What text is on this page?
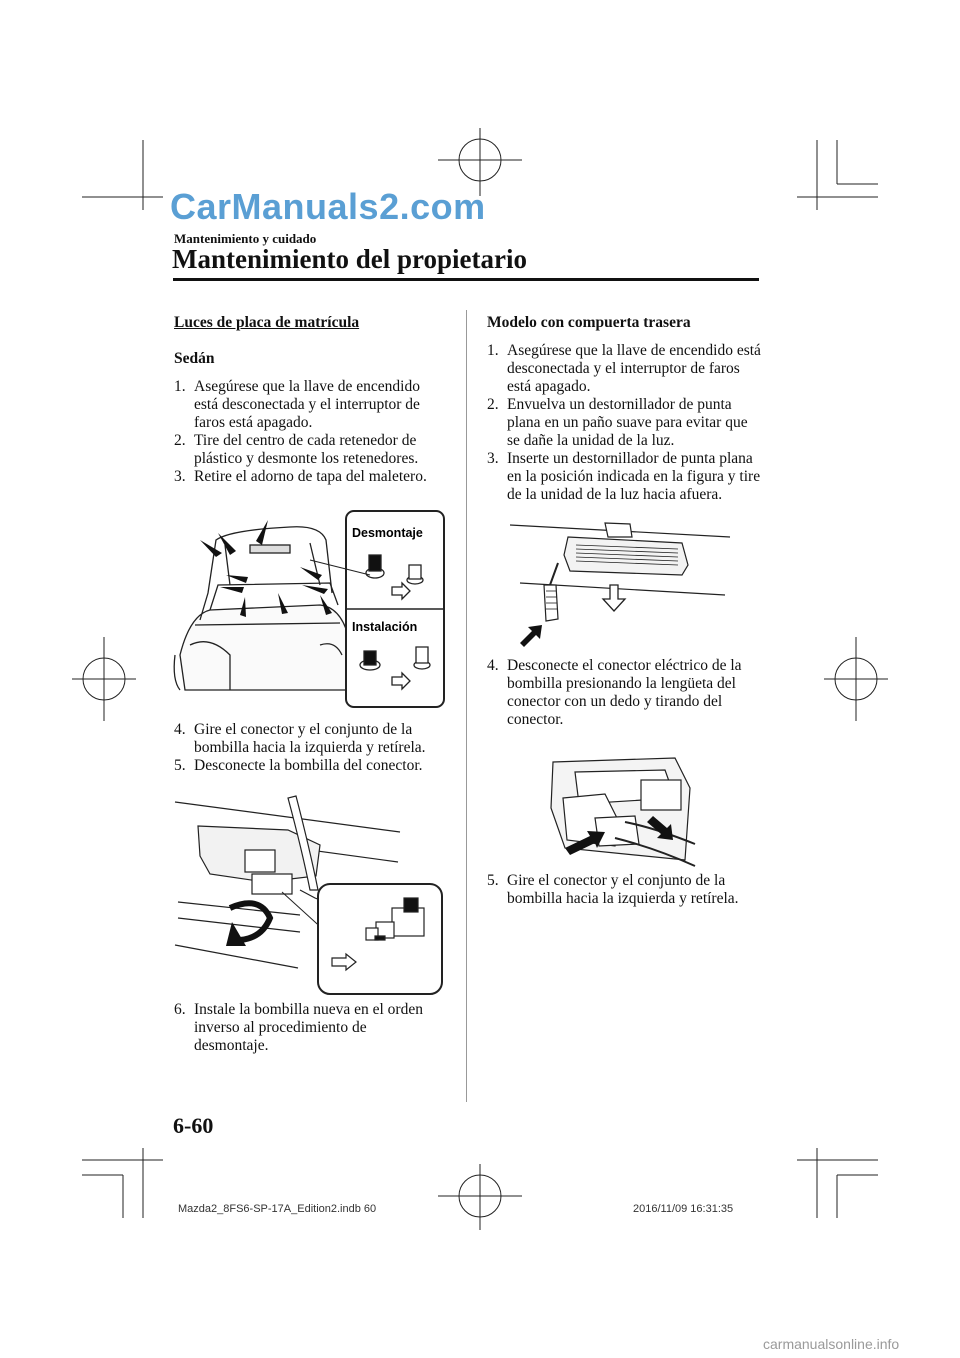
CarManuals2.com
Mantenimiento y cuidado
Mantenimiento del propietario
Luces de placa de matrícula
Sedán
1. Asegúrese que la llave de encendido está desconectada y el interruptor de faros está apagado.
2. Tire del centro de cada retenedor de plástico y desmonte los retenedores.
3. Retire el adorno de tapa del maletero.
Desmontaje
Instalación
4. Gire el conector y el conjunto de la bombilla hacia la izquierda y retírela.
5. Desconecte la bombilla del conector.
6. Instale la bombilla nueva en el orden inverso al procedimiento de desmontaje.
Modelo con compuerta trasera
1. Asegúrese que la llave de encendido está desconectada y el interruptor de faros está apagado.
2. Envuelva un destornillador de punta plana en un paño suave para evitar que se dañe la unidad de la luz.
3. Inserte un destornillador de punta plana en la posición indicada en la figura y tire de la unidad de la luz hacia afuera.
4. Desconecte el conector eléctrico de la bombilla presionando la lengüeta del conector con un dedo y tirando del conector.
5. Gire el conector y el conjunto de la bombilla hacia la izquierda y retírela.
6-60
Mazda2_8FS6-SP-17A_Edition2.indb 60	2016/11/09 16:31:35
carmanualsonline.info
